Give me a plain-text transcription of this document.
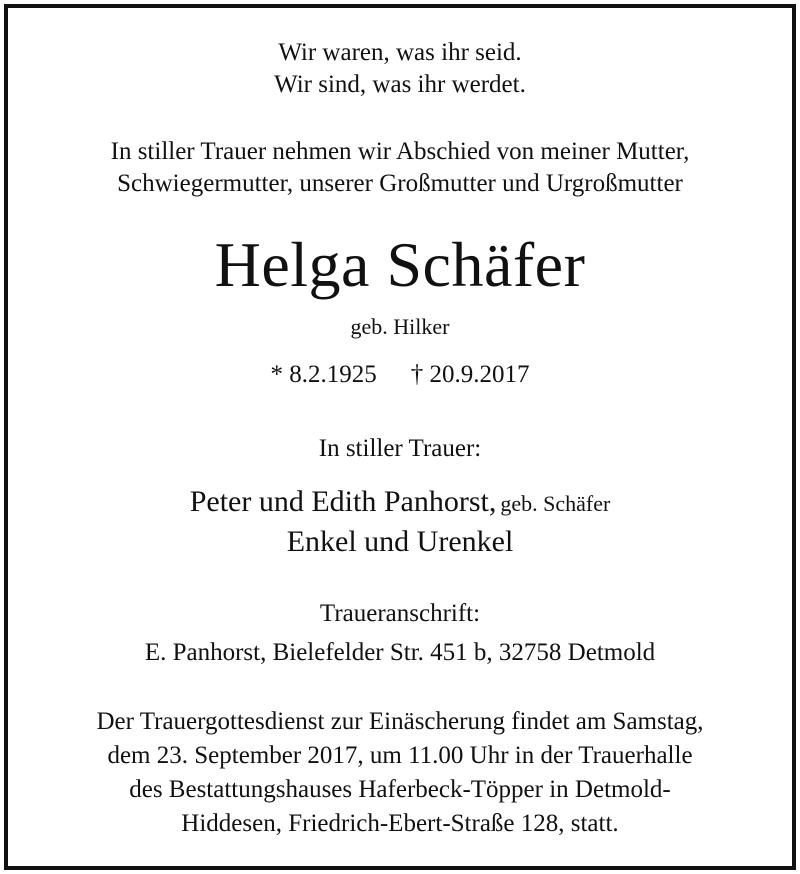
Wir waren, was ihr seid.
Wir sind, was ihr werdet.
In stiller Trauer nehmen wir Abschied von meiner Mutter,
Schwiegermutter, unserer Großmutter und Urgroßmutter
Helga Schäfer
geb. Hilker
* 8.2.1925 † 20.9.2017
In stiller Trauer:
Peter und Edith Panhorst, geb. Schäfer
Enkel und Urenkel
Traueranschrift:
E. Panhorst, Bielefelder Str. 451 b, 32758 Detmold
Der Trauergottesdienst zur Einäscherung findet am Samstag,
dem 23. September 2017, um 11.00 Uhr in der Trauerhalle
des Bestattungshauses Haferbeck-Töpper in Detmold-
Hiddesen, Friedrich-Ebert-Straße 128, statt.
